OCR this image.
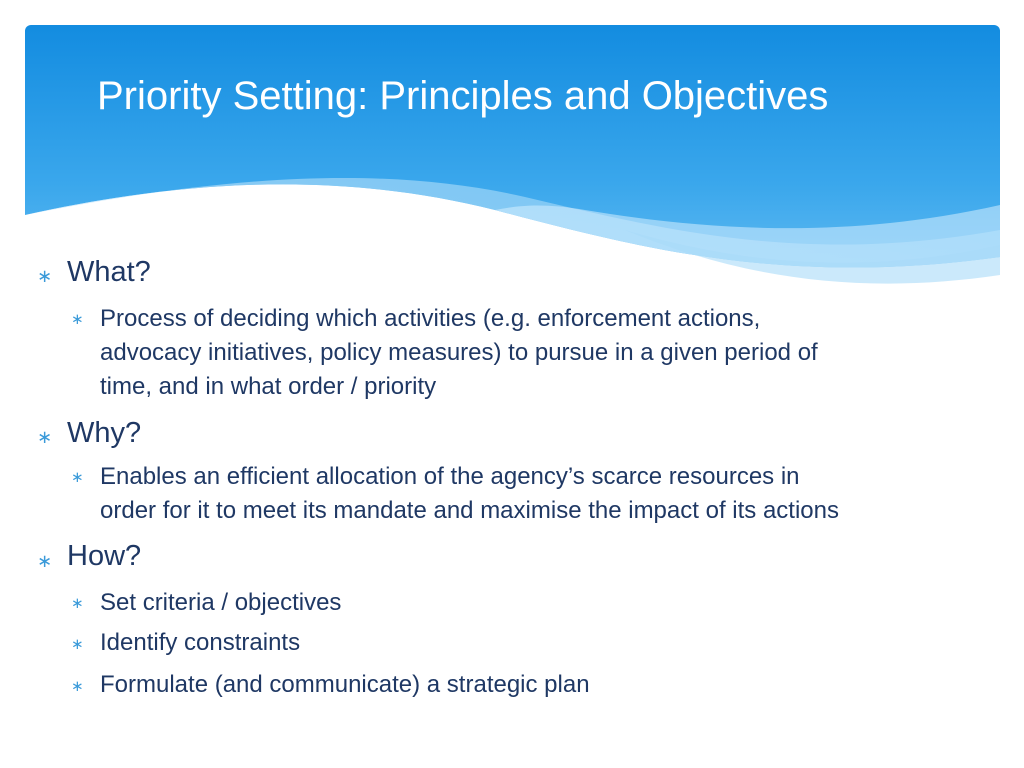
Priority Setting: Principles and Objectives
∗ What?
∗ Process of deciding which activities (e.g. enforcement actions,
advocacy initiatives, policy measures) to pursue in a given period of
time, and in what order / priority
∗ Why?
∗ Enables an efficient allocation of the agency’s scarce resources in
order for it to meet its mandate and maximise the impact of its actions
∗ How?
∗ Set criteria / objectives
∗ Identify constraints
∗ Formulate (and communicate) a strategic plan
